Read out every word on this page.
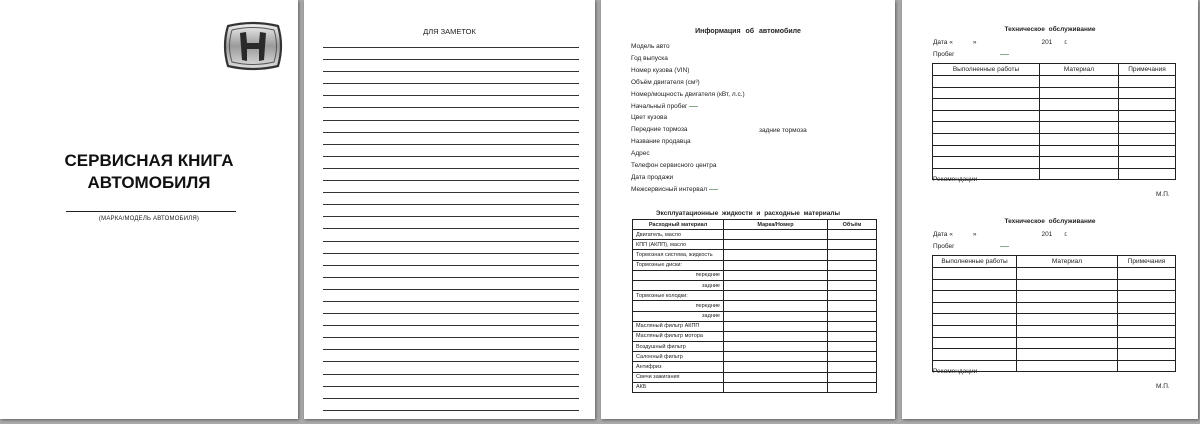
СЕРВИСНАЯ КНИГА
АВТОМОБИЛЯ
(МАРКА/МОДЕЛЬ АВТОМОБИЛЯ)
ДЛЯ ЗАМЕТОК	Информация об автомобиле
Модель авто
Год выпуска
Номер кузова (VIN)
Объём двигателя (см³)
Номер/мощность двигателя (кВт, л.с.)
Начальный пробег
Цвет кузова
Передние тормоза
Название продавца
Адрес
Телефон сервисного центра
Дата продажи
Межсервисный интервал
задние тормоза
Эксплуатационные жидкости и расходные материалы
Расходный материал	Марка/Номер	Объём
Двигатель, масло		
КПП (АКПП), масло		
Тормозная система, жидкость		
Тормозные диски:		
передние		
задние		
Тормозные колодки:		
передние		
задние		
Масляный фильтр АКПП		
Масляный фильтр мотора		
Воздушный фильтр		
Салонный фильтр		
Антифриз		
Свечи зажигания		
АКБ		
Техническое обслуживание
Дата «	»	201 г.
Пробег
Выполненные работы	Материал	Примечания

Рекомендации
М.П.
Техническое обслуживание
Дата «	»	201 г.
Пробег
Выполненные работы	Материал	Примечания

Рекомендации
М.П.
